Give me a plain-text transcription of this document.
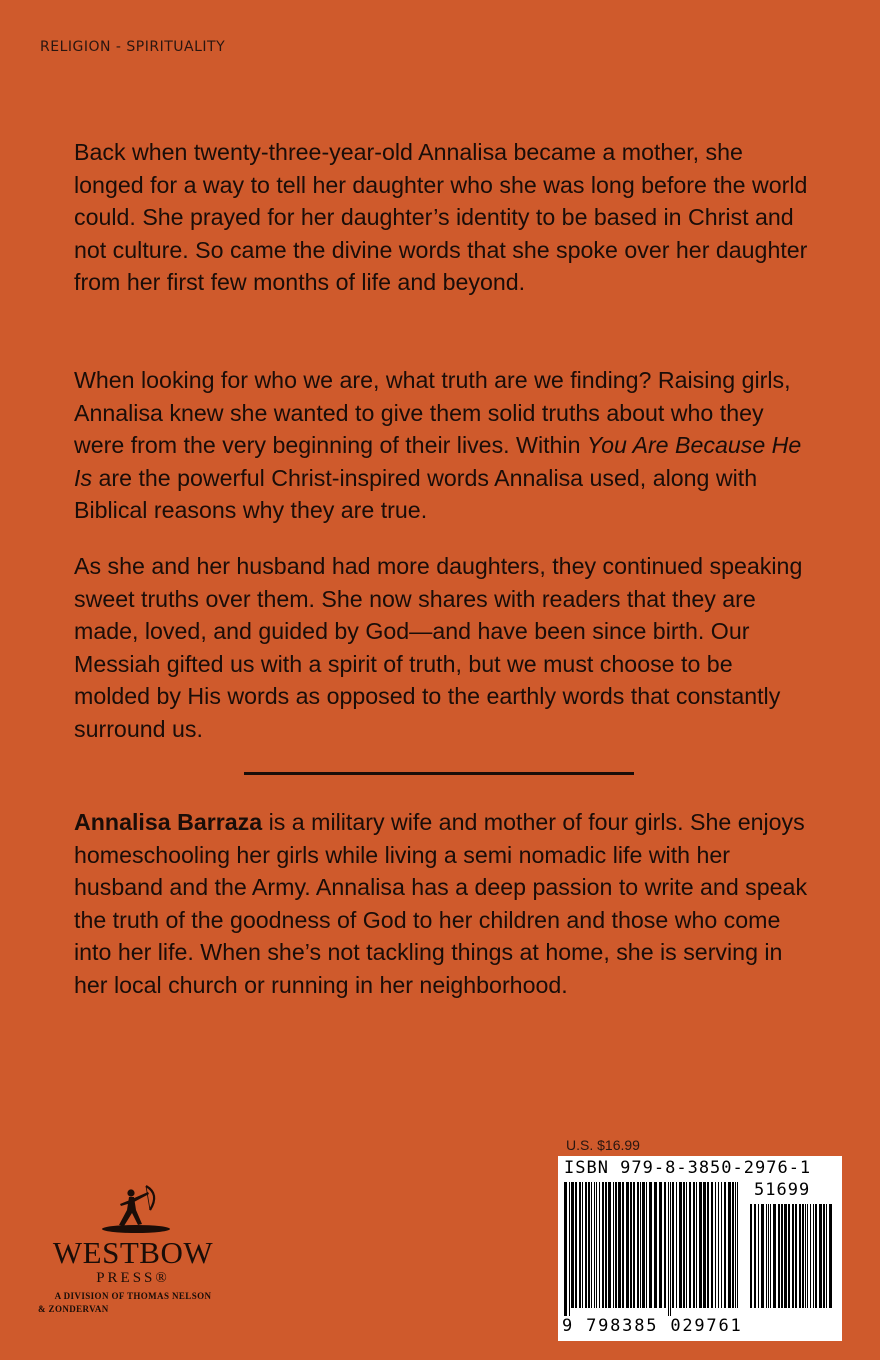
RELIGION - SPIRITUALITY

Back when twenty-three-year-old Annalisa became a mother, she longed for a way to tell her daughter who she was long before the world could. She prayed for her daughter’s identity to be based in Christ and not culture. So came the divine words that she spoke over her daughter from her first few months of life and beyond.

When looking for who we are, what truth are we finding? Raising girls, Annalisa knew she wanted to give them solid truths about who they were from the very beginning of their lives. Within You Are Because He Is are the powerful Christ-inspired words Annalisa used, along with Biblical reasons why they are true.

As she and her husband had more daughters, they continued speaking sweet truths over them. She now shares with readers that they are made, loved, and guided by God—and have been since birth. Our Messiah gifted us with a spirit of truth, but we must choose to be molded by His words as opposed to the earthly words that constantly surround us.

Annalisa Barraza is a military wife and mother of four girls. She enjoys homeschooling her girls while living a semi nomadic life with her husband and the Army. Annalisa has a deep passion to write and speak the truth of the goodness of God to her children and those who come into her life. When she’s not tackling things at home, she is serving in her local church or running in her neighborhood.

U.S. $16.99
ISBN 979-8-3850-2976-1
51699
9 798385 029761
WESTBOW
PRESS®
A DIVISION OF THOMAS NELSON
& ZONDERVAN
